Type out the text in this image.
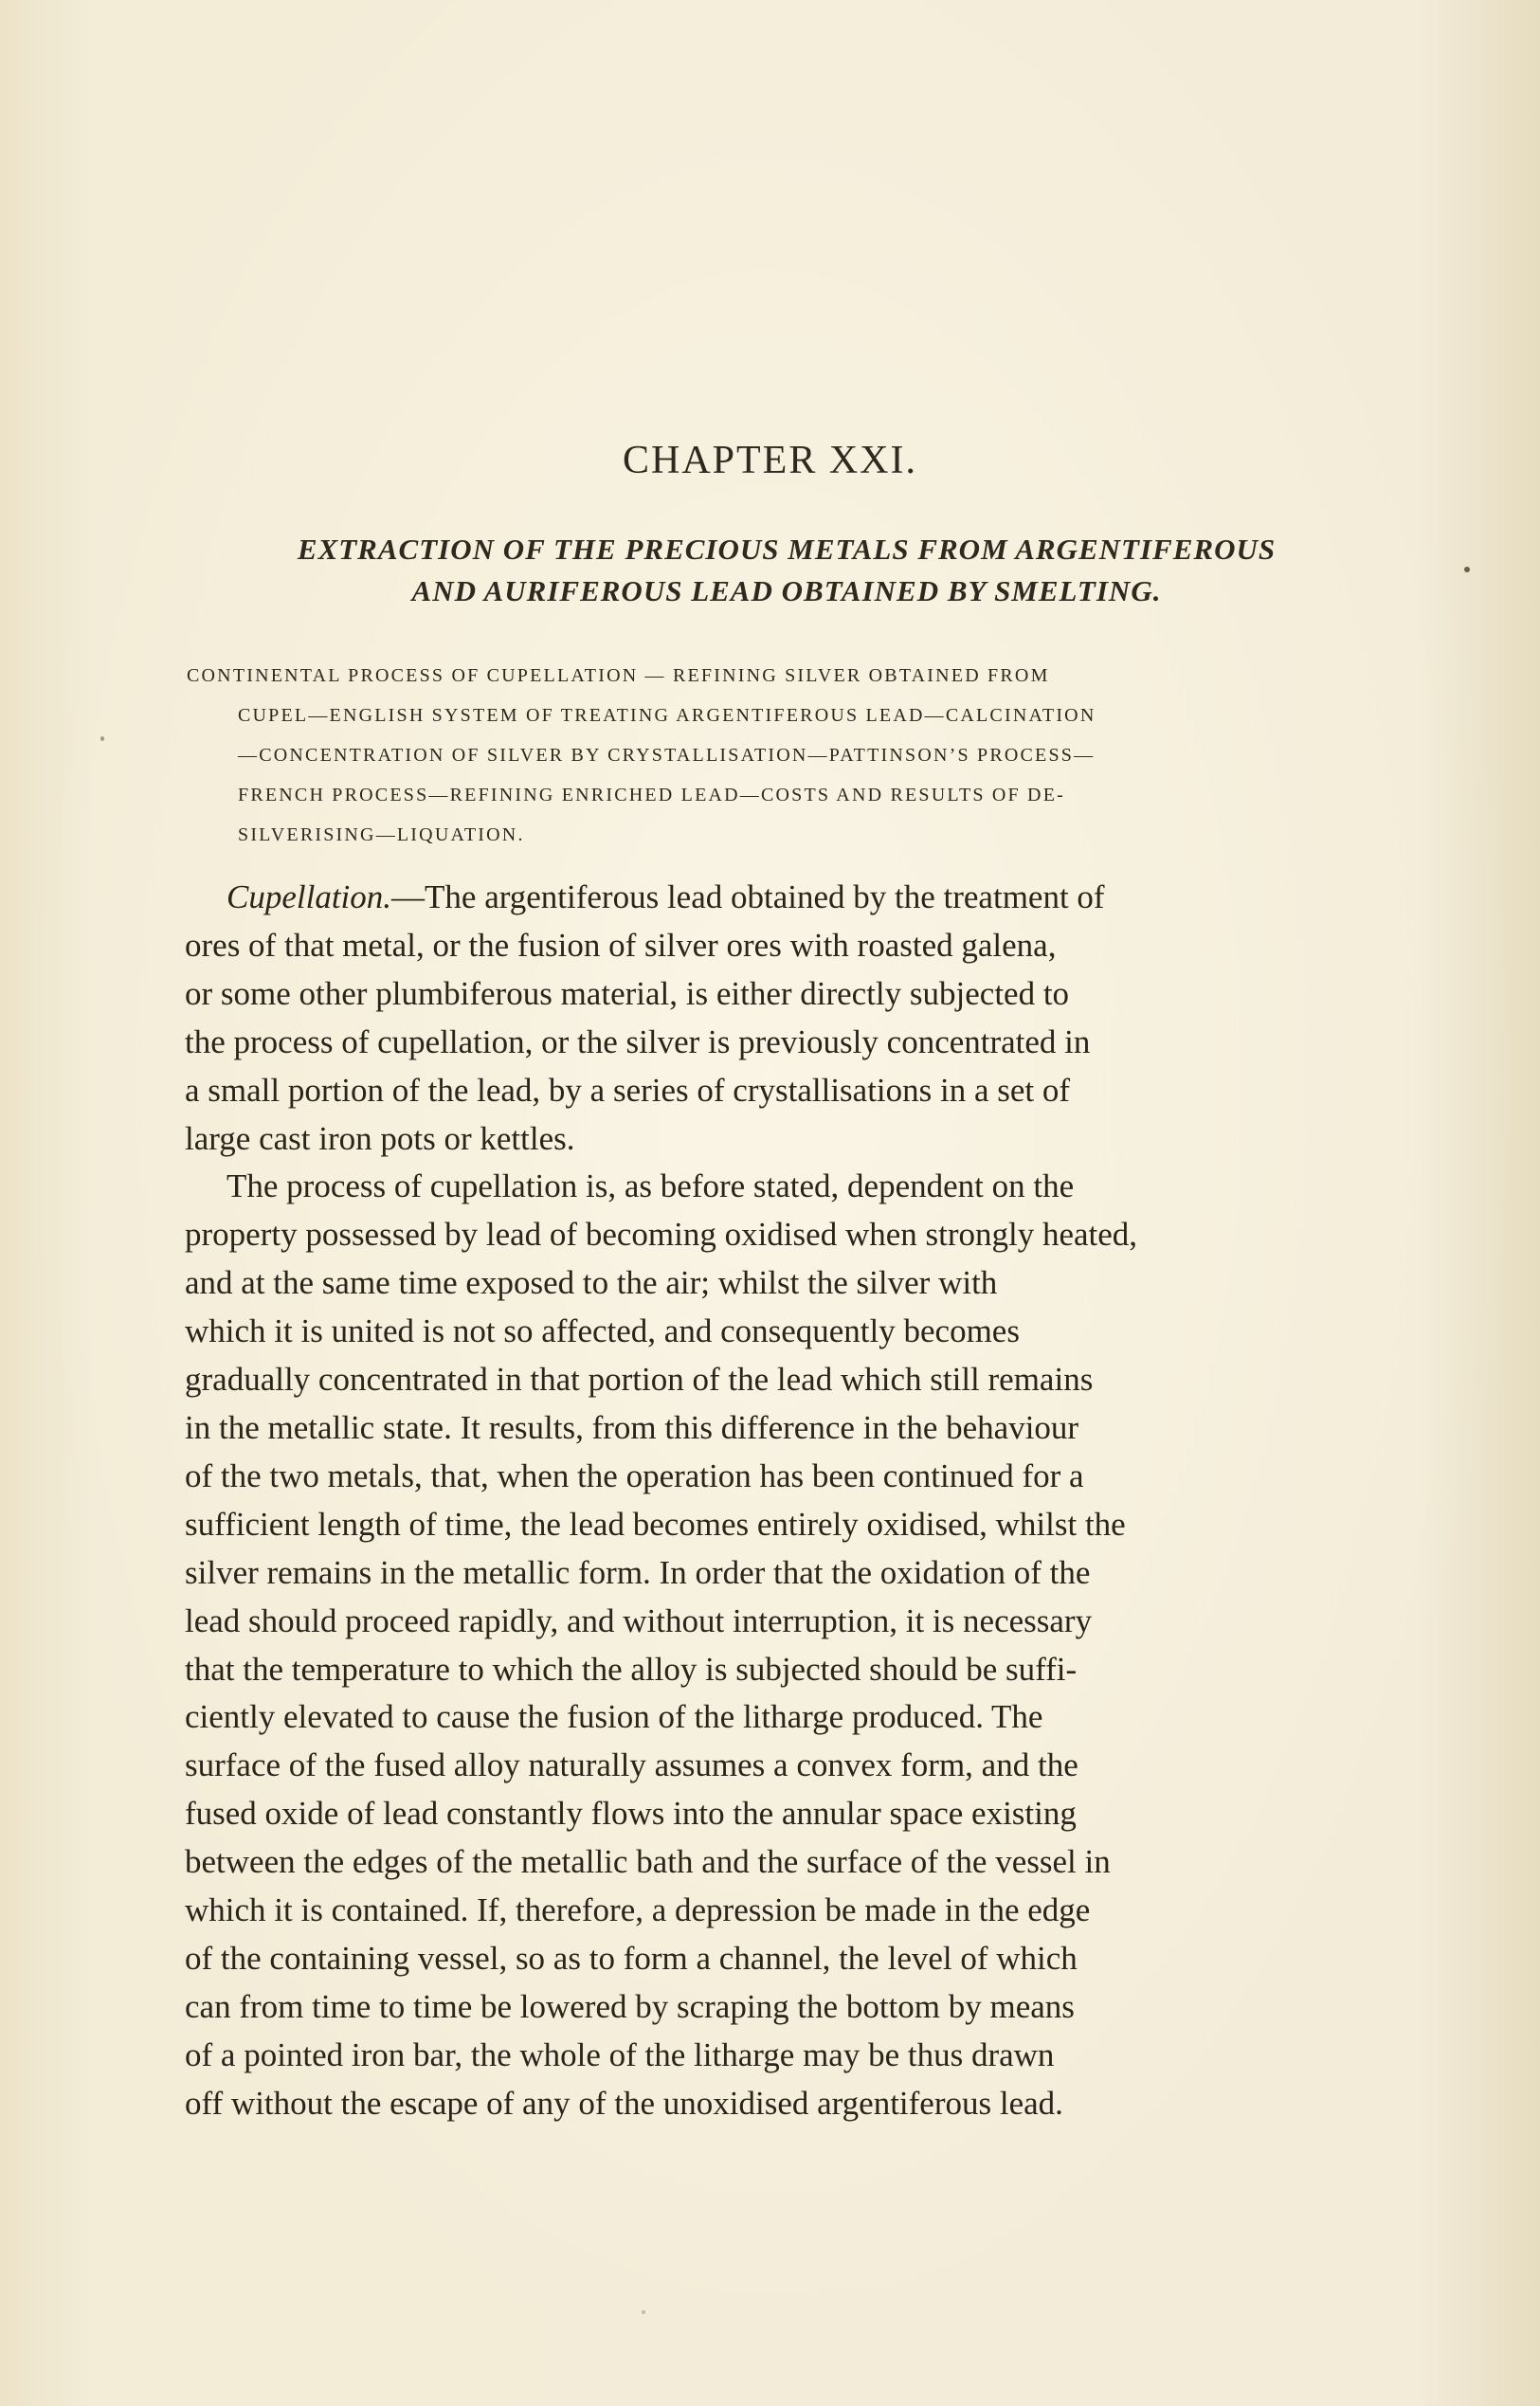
CHAPTER XXI.
EXTRACTION OF THE PRECIOUS METALS FROM ARGENTIFEROUS
AND AURIFEROUS LEAD OBTAINED BY SMELTING.
CONTINENTAL PROCESS OF CUPELLATION — REFINING SILVER OBTAINED FROM
CUPEL—ENGLISH SYSTEM OF TREATING ARGENTIFEROUS LEAD—CALCINATION
—CONCENTRATION OF SILVER BY CRYSTALLISATION—PATTINSON’S PROCESS—
FRENCH PROCESS—REFINING ENRICHED LEAD—COSTS AND RESULTS OF DE-
SILVERISING—LIQUATION.
Cupellation.—The argentiferous lead obtained by the treatment of
ores of that metal, or the fusion of silver ores with roasted galena,
or some other plumbiferous material, is either directly subjected to
the process of cupellation, or the silver is previously concentrated in
a small portion of the lead, by a series of crystallisations in a set of
large cast iron pots or kettles.
The process of cupellation is, as before stated, dependent on the
property possessed by lead of becoming oxidised when strongly heated,
and at the same time exposed to the air; whilst the silver with
which it is united is not so affected, and consequently becomes
gradually concentrated in that portion of the lead which still remains
in the metallic state. It results, from this difference in the behaviour
of the two metals, that, when the operation has been continued for a
sufficient length of time, the lead becomes entirely oxidised, whilst the
silver remains in the metallic form. In order that the oxidation of the
lead should proceed rapidly, and without interruption, it is necessary
that the temperature to which the alloy is subjected should be suffi-
ciently elevated to cause the fusion of the litharge produced. The
surface of the fused alloy naturally assumes a convex form, and the
fused oxide of lead constantly flows into the annular space existing
between the edges of the metallic bath and the surface of the vessel in
which it is contained. If, therefore, a depression be made in the edge
of the containing vessel, so as to form a channel, the level of which
can from time to time be lowered by scraping the bottom by means
of a pointed iron bar, the whole of the litharge may be thus drawn
off without the escape of any of the unoxidised argentiferous lead.
